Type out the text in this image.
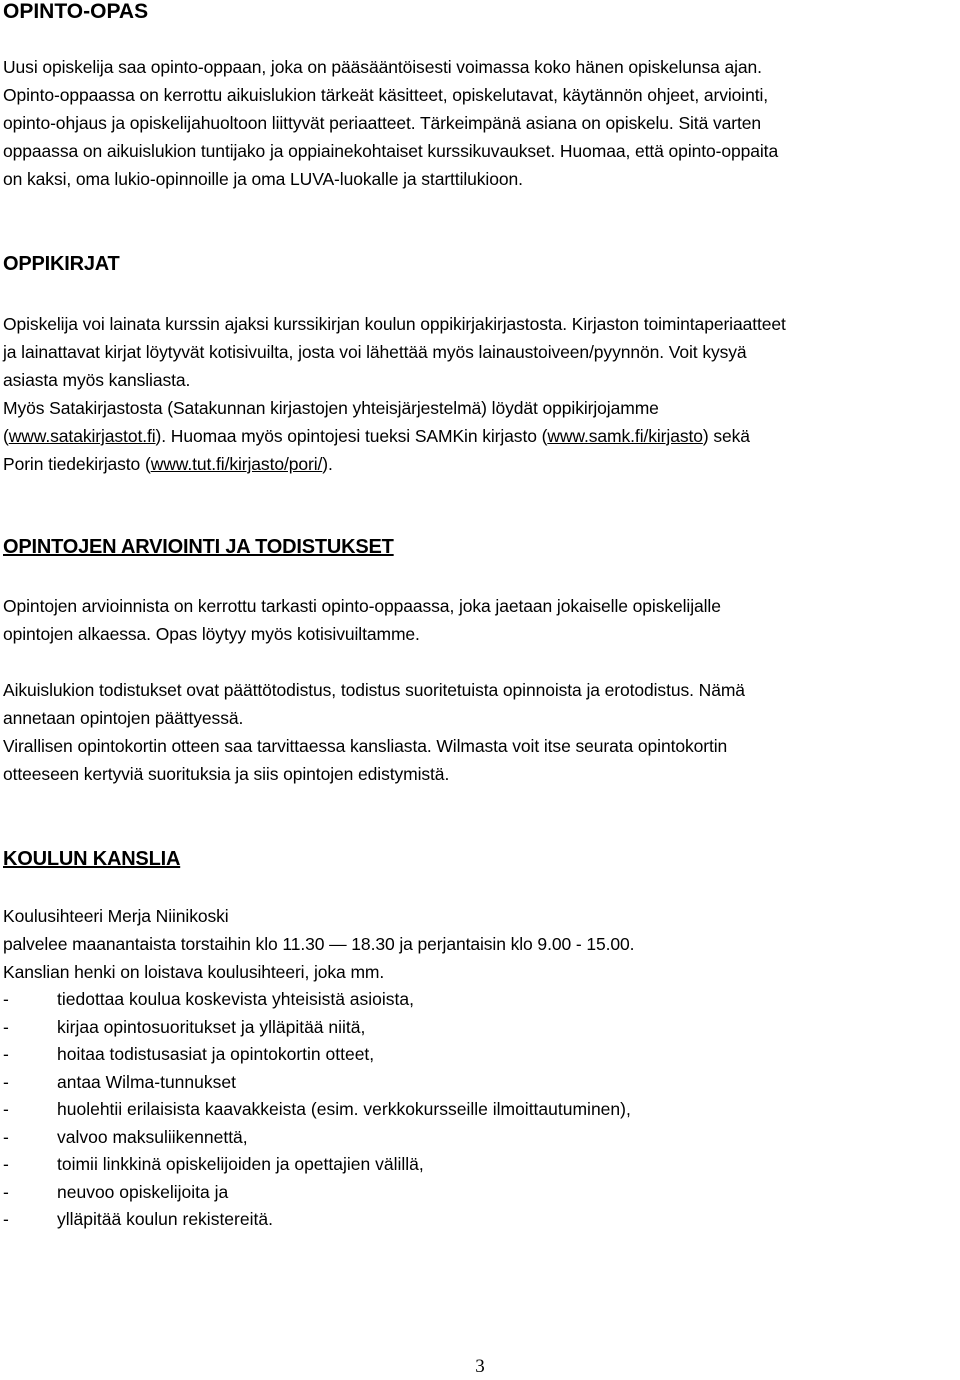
OPINTO-OPAS
Uusi opiskelija saa opinto-oppaan, joka on pääsääntöisesti voimassa koko hänen opiskelunsa ajan.
Opinto-oppaassa on kerrottu aikuislukion tärkeät käsitteet, opiskelutavat, käytännön ohjeet, arviointi,
opinto-ohjaus ja opiskelijahuoltoon liittyvät periaatteet. Tärkeimpänä asiana on opiskelu. Sitä varten
oppaassa on aikuislukion tuntijako ja oppiainekohtaiset kurssikuvaukset. Huomaa, että opinto-oppaita
on kaksi, oma lukio-opinnoille ja oma LUVA-luokalle ja starttilukioon.
OPPIKIRJAT
Opiskelija voi lainata kurssin ajaksi kurssikirjan koulun oppikirjakirjastosta. Kirjaston toimintaperiaatteet
ja lainattavat kirjat löytyvät kotisivuilta, josta voi lähettää myös lainaustoiveen/pyynnön. Voit kysyä
asiasta myös kansliasta.
Myös Satakirjastosta (Satakunnan kirjastojen yhteisjärjestelmä) löydät oppikirjojamme
(www.satakirjastot.fi). Huomaa myös opintojesi tueksi SAMKin kirjasto (www.samk.fi/kirjasto) sekä
Porin tiedekirjasto (www.tut.fi/kirjasto/pori/).
OPINTOJEN ARVIOINTI JA TODISTUKSET
Opintojen arvioinnista on kerrottu tarkasti opinto-oppaassa, joka jaetaan jokaiselle opiskelijalle
opintojen alkaessa. Opas löytyy myös kotisivuiltamme.
Aikuislukion todistukset ovat päättötodistus, todistus suoritetuista opinnoista ja erotodistus. Nämä
annetaan opintojen päättyessä.
Virallisen opintokortin otteen saa tarvittaessa kansliasta. Wilmasta voit itse seurata opintokortin
otteeseen kertyviä suorituksia ja siis opintojen edistymistä.
KOULUN KANSLIA
Koulusihteeri Merja Niinikoski
palvelee maanantaista torstaihin klo 11.30 — 18.30 ja perjantaisin klo 9.00 - 15.00.
Kanslian henki on loistava koulusihteeri, joka mm.
-	tiedottaa koulua koskevista yhteisistä asioista,
-	kirjaa opintosuoritukset ja ylläpitää niitä,
-	hoitaa todistusasiat ja opintokortin otteet,
-	antaa Wilma-tunnukset
-	huolehtii erilaisista kaavakkeista (esim. verkkokursseille ilmoittautuminen),
-	valvoo maksuliikennettä,
-	toimii linkkinä opiskelijoiden ja opettajien välillä,
-	neuvoo opiskelijoita ja
-	ylläpitää koulun rekistereitä.
3
